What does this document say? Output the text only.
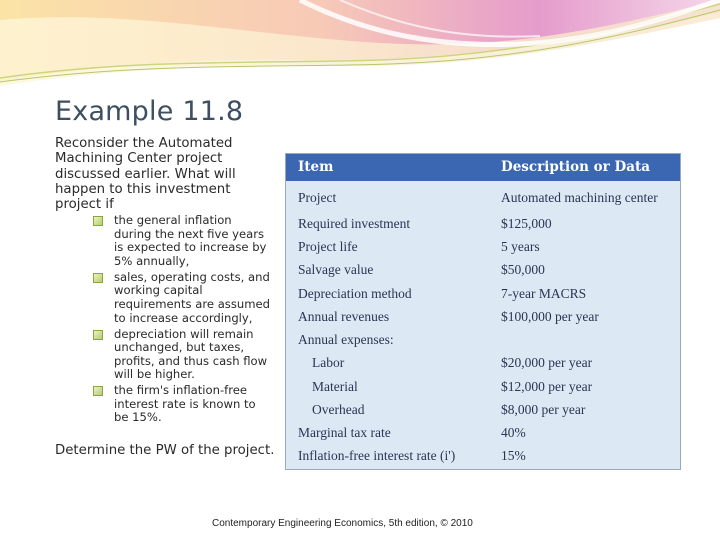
Example 11.8

Reconsider the Automated Machining Center project discussed earlier. What will happen to this investment project if

the general inflation during the next five years is expected to increase by 5% annually,
sales, operating costs, and working capital requirements are assumed to increase accordingly,
depreciation will remain unchanged, but taxes, profits, and thus cash flow will be higher.
the firm's inflation-free interest rate is known to be 15%.

Determine the PW of the project.

Item	Description or Data
Project	Automated machining center
Required investment	$125,000
Project life	5 years
Salvage value	$50,000
Depreciation method	7-year MACRS
Annual revenues	$100,000 per year
Annual expenses:
Labor	$20,000 per year
Material	$12,000 per year
Overhead	$8,000 per year
Marginal tax rate	40%
Inflation-free interest rate (i')	15%
Contemporary Engineering Economics, 5th edition, © 2010
